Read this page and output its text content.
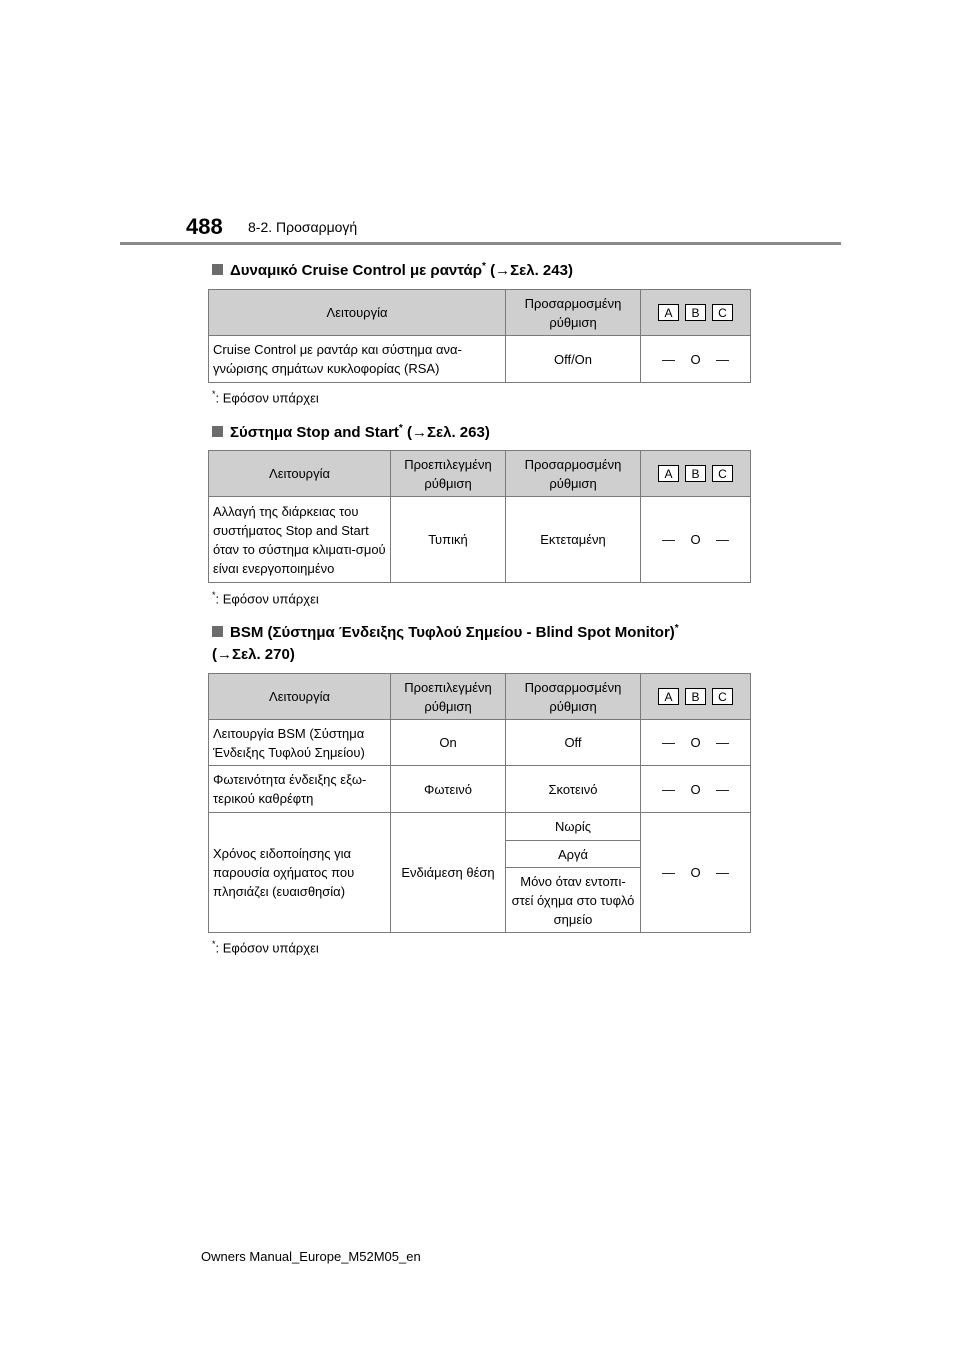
488 8-2. Προσαρμογή
Δυναμικό Cruise Control με ραντάρ* (→Σελ. 243)
Λειτουργία	Προσαρμοσμένη ρύθμιση	A B C

Cruise Control με ραντάρ και σύστημα ανα-γνώρισης σημάτων κυκλοφορίας (RSA)	Off/On	— O —
*: Εφόσον υπάρχει
Σύστημα Stop and Start* (→Σελ. 263)
Λειτουργία	Προεπιλεγμένη ρύθμιση	Προσαρμοσμένη ρύθμιση	A B C

Αλλαγή της διάρκειας του συστήματος Stop and Start όταν το σύστημα κλιματι-σμού είναι ενεργοποιημένο	Τυπική	Εκτεταμένη	— O —
*: Εφόσον υπάρχει
BSM (Σύστημα Ένδειξης Τυφλού Σημείου - Blind Spot Monitor)*
(→Σελ. 270)
Λειτουργία	Προεπιλεγμένη ρύθμιση	Προσαρμοσμένη ρύθμιση	A B C

Λειτουργία BSM (Σύστημα Ένδειξης Τυφλού Σημείου)	On	Off	— O —

Φωτεινότητα ένδειξης εξω-τερικού καθρέφτη	Φωτεινό	Σκοτεινό	— O —

Χρόνος ειδοποίησης για παρουσία οχήματος που πλησιάζει (ευαισθησία)	Ενδιάμεση θέση	Νωρίς	— O —

		Αργά	
		Μόνο όταν εντοπι-στεί όχημα στο τυφλό σημείο	
*: Εφόσον υπάρχει
Owners Manual_Europe_M52M05_en
